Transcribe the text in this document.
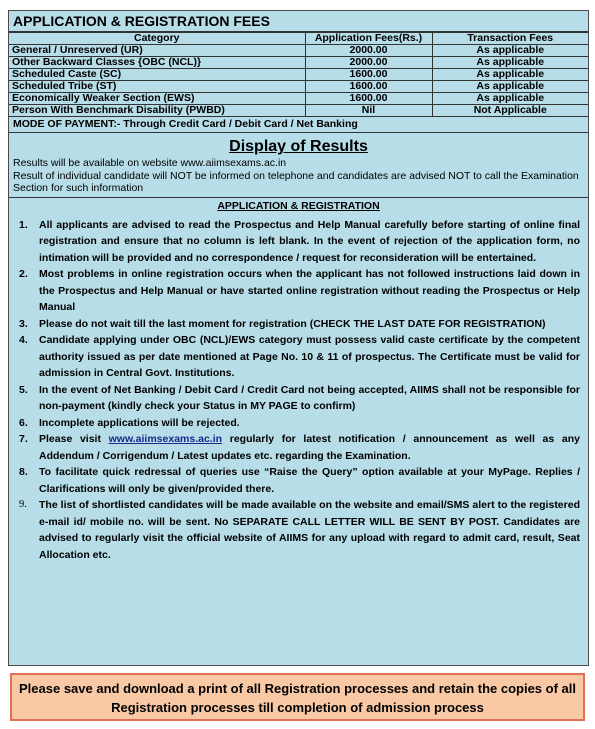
APPLICATION & REGISTRATION FEES
Category	Application Fees(Rs.)	Transaction Fees
General / Unreserved (UR)	2000.00	As applicable
Other Backward Classes {OBC (NCL)}	2000.00	As applicable
Scheduled Caste (SC)	1600.00	As applicable
Scheduled Tribe (ST)	1600.00	As applicable
Economically Weaker Section (EWS)	1600.00	As applicable
Person With Benchmark Disability (PWBD)	Nil	Not Applicable
MODE OF PAYMENT:- Through Credit Card / Debit Card / Net Banking
Display of Results
Results will be available on website www.aiimsexams.ac.in
Result of individual candidate will NOT be informed on telephone and candidates are advised NOT to call the Examination Section for such information
APPLICATION & REGISTRATION
1.	All applicants are advised to read the Prospectus and Help Manual carefully before starting of online final registration and ensure that no column is left blank. In the event of rejection of the application form, no intimation will be provided and no correspondence / request for reconsideration will be entertained.
2.	Most problems in online registration occurs when the applicant has not followed instructions laid down in the Prospectus and Help Manual or have started online registration without reading the Prospectus or Help Manual
3.	Please do not wait till the last moment for registration (CHECK THE LAST DATE FOR REGISTRATION)
4.	Candidate applying under OBC (NCL)/EWS category must possess valid caste certificate by the competent authority issued as per date mentioned at Page No. 10 & 11 of prospectus. The Certificate must be valid for admission in Central Govt. Institutions.
5.	In the event of Net Banking / Debit Card / Credit Card not being accepted, AIIMS shall not be responsible for non-payment (kindly check your Status in MY PAGE to confirm)
6.	Incomplete applications will be rejected.
7.	Please visit www.aiimsexams.ac.in regularly for latest notification / announcement as well as any Addendum / Corrigendum / Latest updates etc. regarding the Examination.
8.	To facilitate quick redressal of queries use “Raise the Query” option available at your MyPage. Replies / Clarifications will only be given/provided there.
9.	The list of shortlisted candidates will be made available on the website and email/SMS alert to the registered e-mail id/ mobile no. will be sent. No SEPARATE CALL LETTER WILL BE SENT BY POST. Candidates are advised to regularly visit the official website of AIIMS for any upload with regard to admit card, result, Seat Allocation etc.
Please save and download a print of all Registration processes and retain the copies of all Registration processes till completion of admission process
